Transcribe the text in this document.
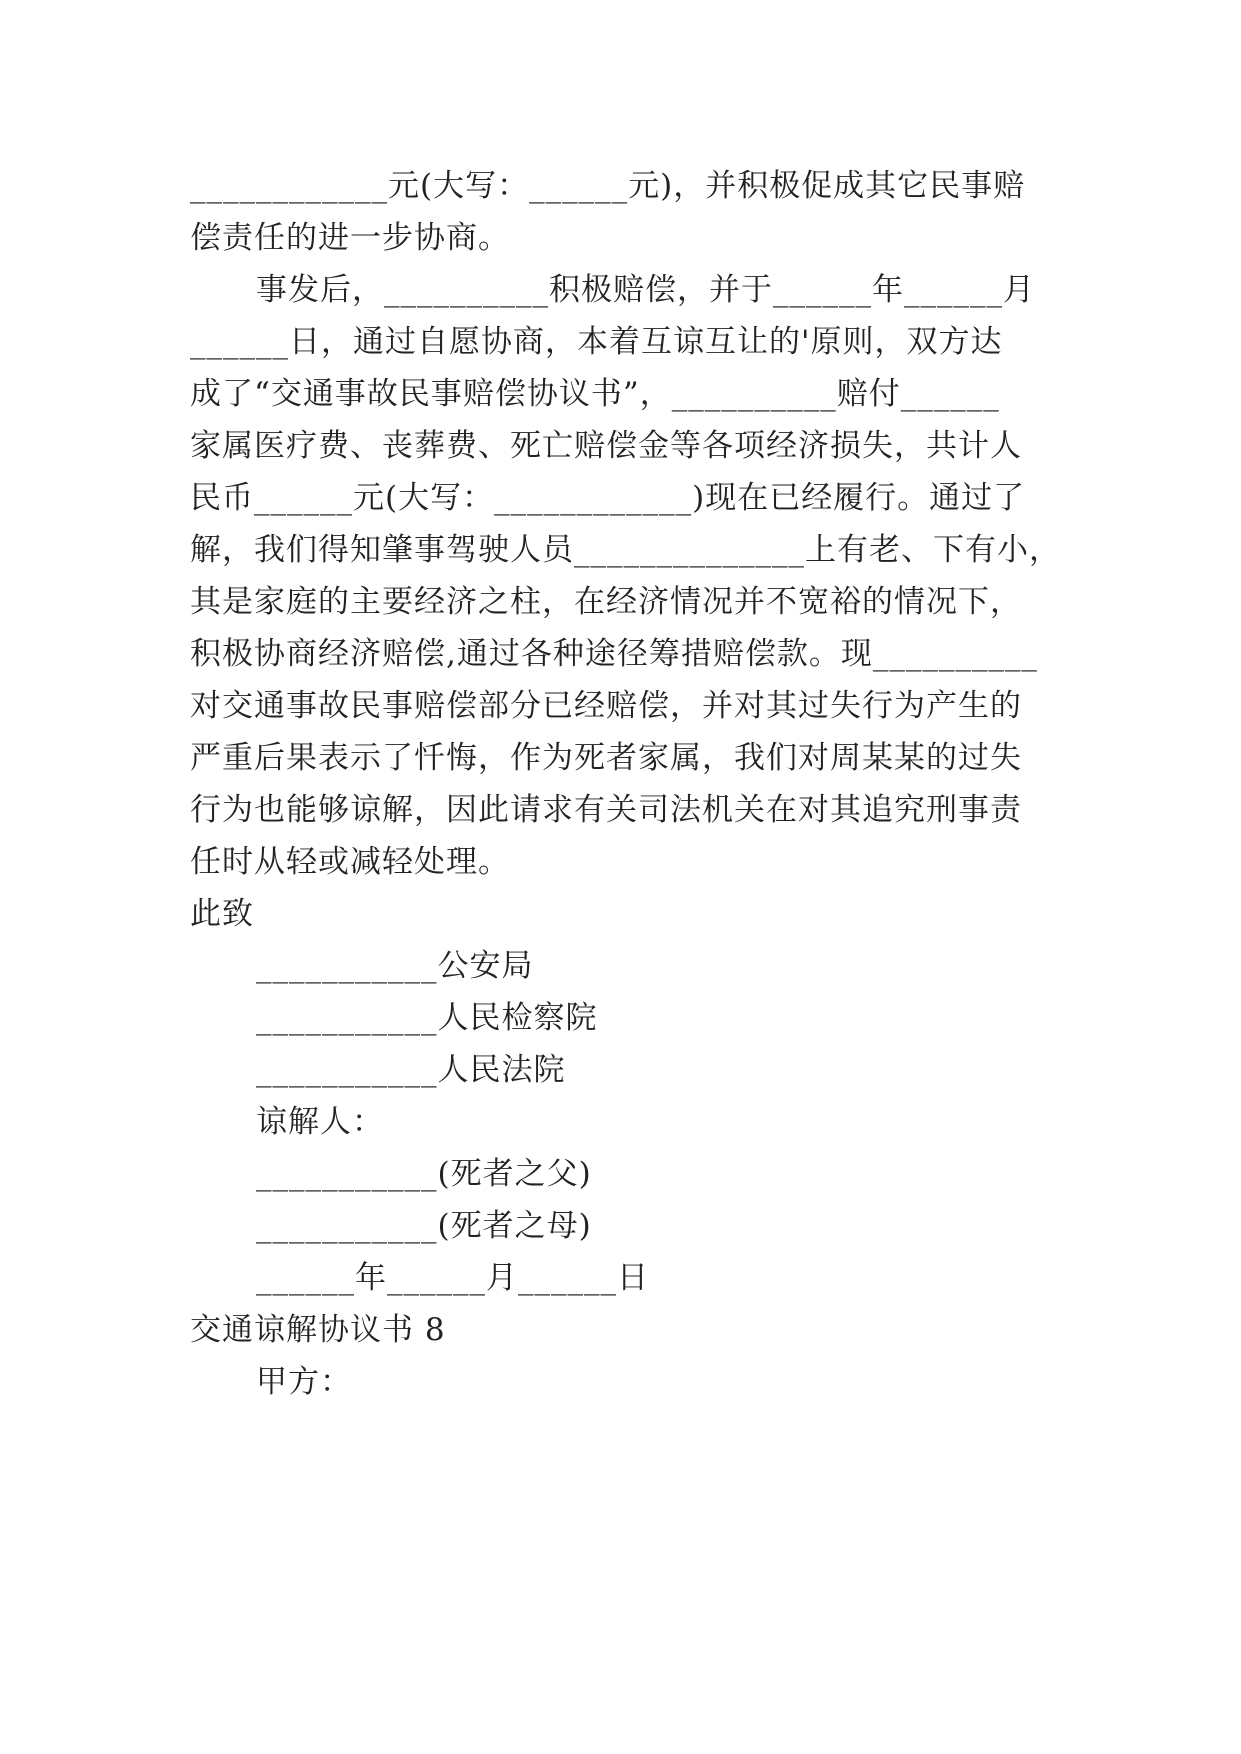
____________元(大写：______元)，并积极促成其它民事赔
偿责任的进一步协商。
事发后，__________积极赔偿，并于______年______月
______日，通过自愿协商，本着互谅互让的'原则，双方达
成了“交通事故民事赔偿协议书”，__________赔付______
家属医疗费、丧葬费、死亡赔偿金等各项经济损失，共计人
民币______元(大写：____________)现在已经履行。通过了
解，我们得知肇事驾驶人员______________上有老、下有小，
其是家庭的主要经济之柱，在经济情况并不宽裕的情况下，
积极协商经济赔偿,通过各种途径筹措赔偿款。现__________
对交通事故民事赔偿部分已经赔偿，并对其过失行为产生的
严重后果表示了忏悔，作为死者家属，我们对周某某的过失
行为也能够谅解，因此请求有关司法机关在对其追究刑事责
任时从轻或减轻处理。
此致
___________公安局
___________人民检察院
___________人民法院
谅解人：
___________(死者之父)
___________(死者之母)
______年______月______日
交通谅解协议书 8
甲方：
